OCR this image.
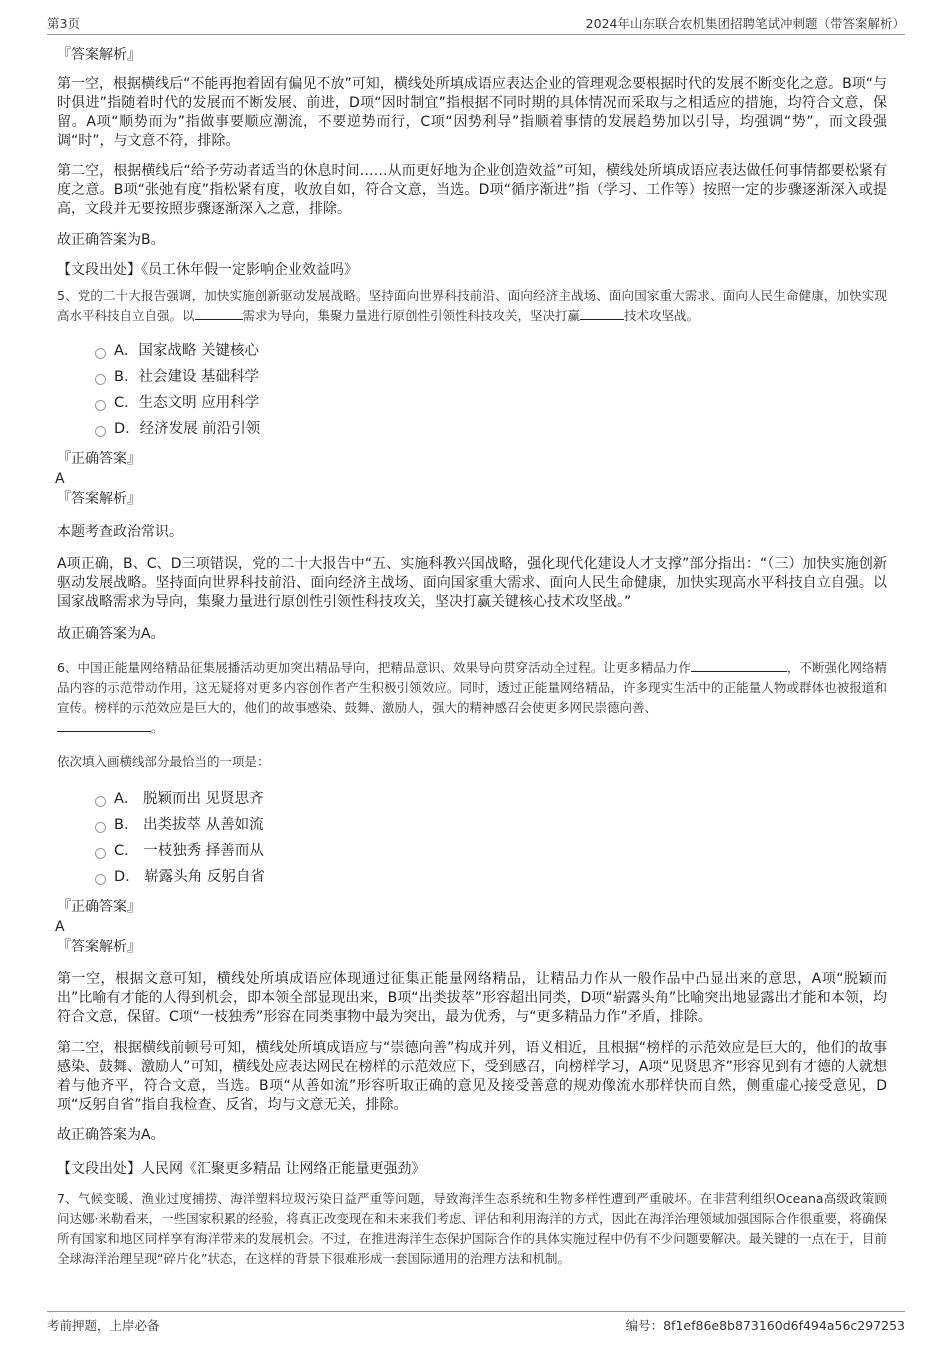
第3页	2024年山东联合农机集团招聘笔试冲刺题（带答案解析）

『答案解析』

第一空，根据横线后“不能再抱着固有偏见不放”可知，横线处所填成语应表达企业的管理观念要根据时代的发展不断变化之意。B项“与时俱进”指随着时代的发展而不断发展、前进，D项“因时制宜”指根据不同时期的具体情况而采取与之相适应的措施，均符合文意，保留。A项“顺势而为”指做事要顺应潮流，不要逆势而行，C项“因势利导”指顺着事情的发展趋势加以引导，均强调“势”，而文段强调“时”，与文意不符，排除。

第二空，根据横线后“给予劳动者适当的休息时间……从而更好地为企业创造效益”可知，横线处所填成语应表达做任何事情都要松紧有度之意。B项“张弛有度”指松紧有度，收放自如，符合文意，当选。D项“循序渐进”指（学习、工作等）按照一定的步骤逐渐深入或提高，文段并无要按照步骤逐渐深入之意，排除。

故正确答案为B。

【文段出处】《员工休年假一定影响企业效益吗》

5、党的二十大报告强调，加快实施创新驱动发展战略。坚持面向世界科技前沿、面向经济主战场、面向国家重大需求、面向人民生命健康，加快实现高水平科技自立自强。以	需求为导向，集聚力量进行原创性引领性科技攻关，坚决打赢	技术攻坚战。

A．国家战略 关键核心
B．社会建设 基础科学
C．生态文明 应用科学
D．经济发展 前沿引领

『正确答案』

A

『答案解析』

本题考查政治常识。

A项正确，B、C、D三项错误，党的二十大报告中“五、实施科教兴国战略，强化现代化建设人才支撑”部分指出：“（三）加快实施创新驱动发展战略。坚持面向世界科技前沿、面向经济主战场、面向国家重大需求、面向人民生命健康，加快实现高水平科技自立自强。以国家战略需求为导向，集聚力量进行原创性引领性科技攻关，坚决打赢关键核心技术攻坚战。”

故正确答案为A。

6、中国正能量网络精品征集展播活动更加突出精品导向，把精品意识、效果导向贯穿活动全过程。让更多精品力作	，不断强化网络精品内容的示范带动作用，这无疑将对更多内容创作者产生积极引领效应。同时，透过正能量网络精品，许多现实生活中的正能量人物或群体也被报道和宣传。榜样的示范效应是巨大的，他们的故事感染、鼓舞、激励人，强大的精神感召会使更多网民崇德向善、
。

依次填入画横线部分最恰当的一项是：

A． 脱颖而出 见贤思齐
B． 出类拔萃 从善如流
C． 一枝独秀 择善而从
D． 崭露头角 反躬自省

『正确答案』

A

『答案解析』

第一空，根据文意可知，横线处所填成语应体现通过征集正能量网络精品，让精品力作从一般作品中凸显出来的意思，A项“脱颖而出”比喻有才能的人得到机会，即本领全部显现出来，B项“出类拔萃”形容超出同类，D项“崭露头角”比喻突出地显露出才能和本领，均符合文意，保留。C项“一枝独秀”形容在同类事物中最为突出，最为优秀，与“更多精品力作”矛盾，排除。

第二空，根据横线前顿号可知，横线处所填成语应与“崇德向善”构成并列，语义相近，且根据“榜样的示范效应是巨大的，他们的故事感染、鼓舞、激励人”可知，横线处应表达网民在榜样的示范效应下，受到感召，向榜样学习，A项“见贤思齐”形容见到有才德的人就想着与他齐平，符合文意，当选。B项“从善如流”形容听取正确的意见及接受善意的规劝像流水那样快而自然，侧重虚心接受意见，D项“反躬自省”指自我检查、反省，均与文意无关，排除。

故正确答案为A。

【文段出处】人民网《汇聚更多精品 让网络正能量更强劲》

7、气候变暖、渔业过度捕捞、海洋塑料垃圾污染日益严重等问题，导致海洋生态系统和生物多样性遭到严重破坏。在非营利组织Oceana高级政策顾问达娜·米勒看来，一些国家积累的经验，将真正改变现在和未来我们考虑、评估和利用海洋的方式，因此在海洋治理领域加强国际合作很重要，将确保所有国家和地区同样享有海洋带来的发展机会。不过，在推进海洋生态保护国际合作的具体实施过程中仍有不少问题要解决。最关键的一点在于，目前全球海洋治理呈现“碎片化”状态，在这样的背景下很难形成一套国际通用的治理方法和机制。

考前押题，上岸必备	编号：8f1ef86e8b873160d6f494a56c297253
